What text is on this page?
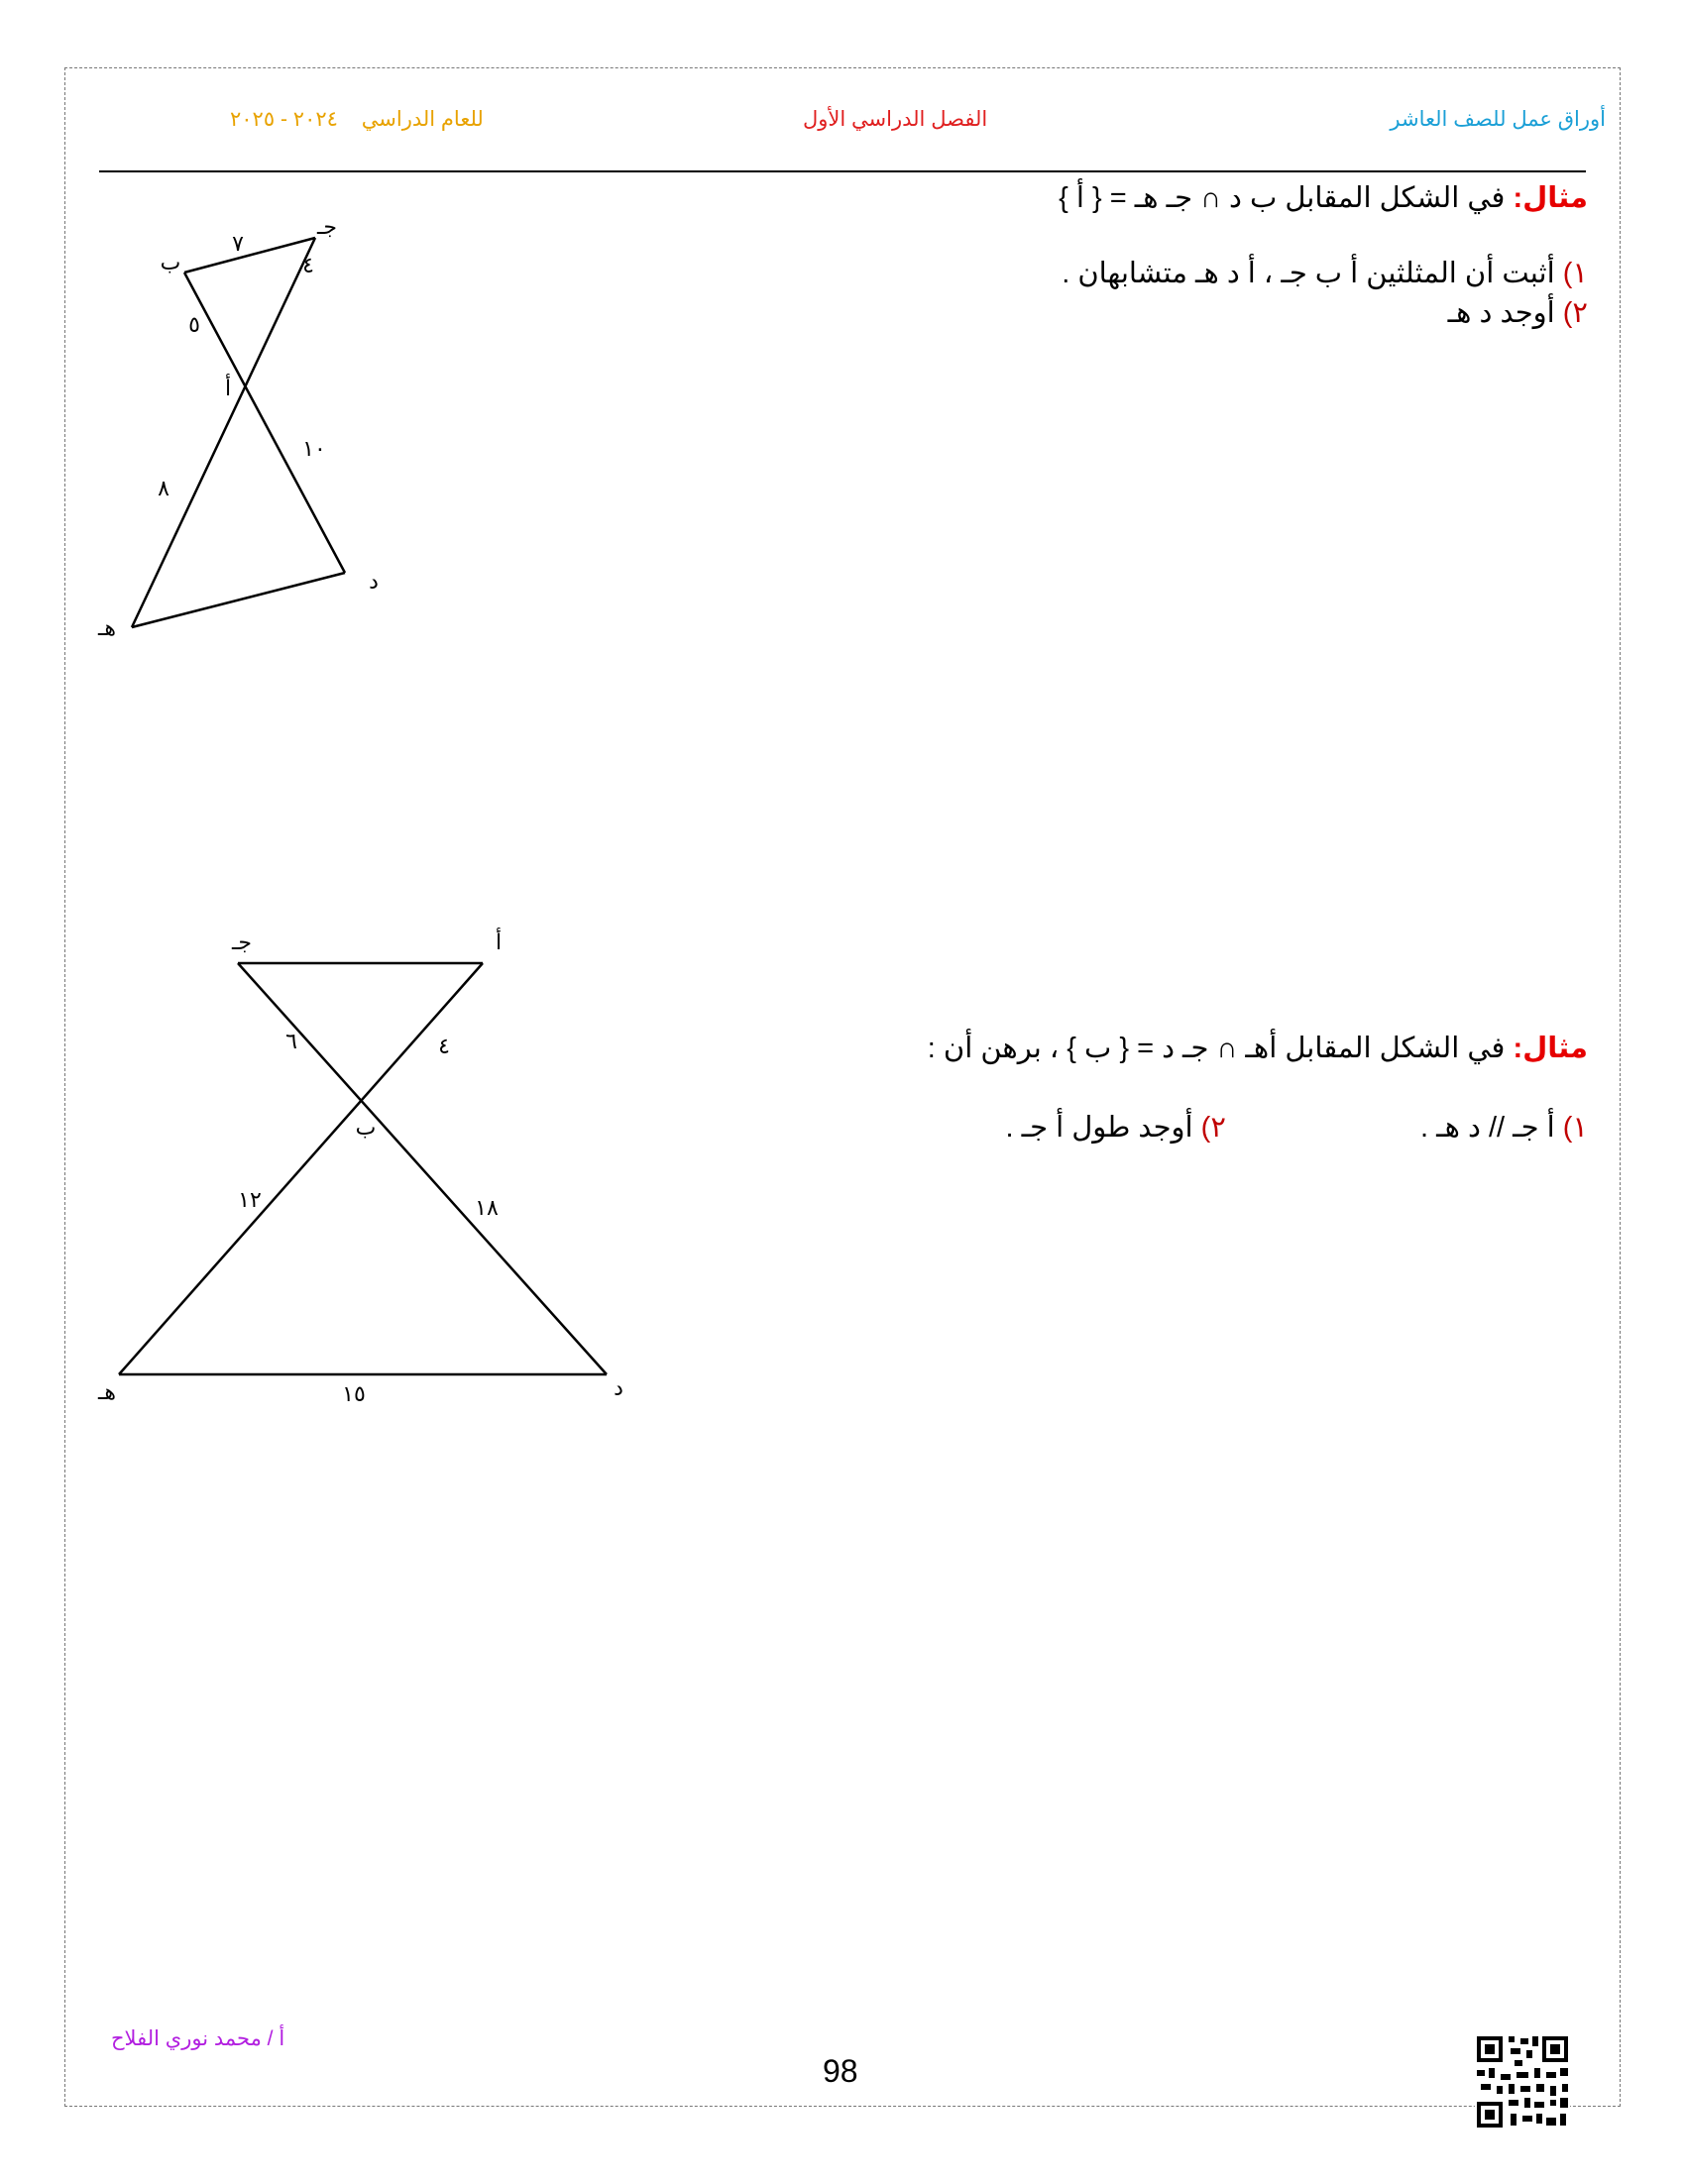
أوراق عمل للصف العاشر
الفصل الدراسي الأول
للعام الدراسي ٢٠٢٤ - ٢٠٢٥
مثال: في الشكل المقابل ب د ∩ جـ هـ = { أ }
١) أثبت أن المثلثين أ ب جـ ، أ د هـ متشابهان .
٢) أوجد د هـ
مثال: في الشكل المقابل أهـ ∩ جـ د = { ب } ، برهن أن :
١) أ جـ // د هـ .  ٢) أوجد طول أ جـ .
ب
جـ
أ
د
هـ
٧
٤
٥
١٠
٨
أ
جـ
ب
د
هـ
٦	٤
١٢	١٨
١٥
أ / محمد نوري الفلاح
98
